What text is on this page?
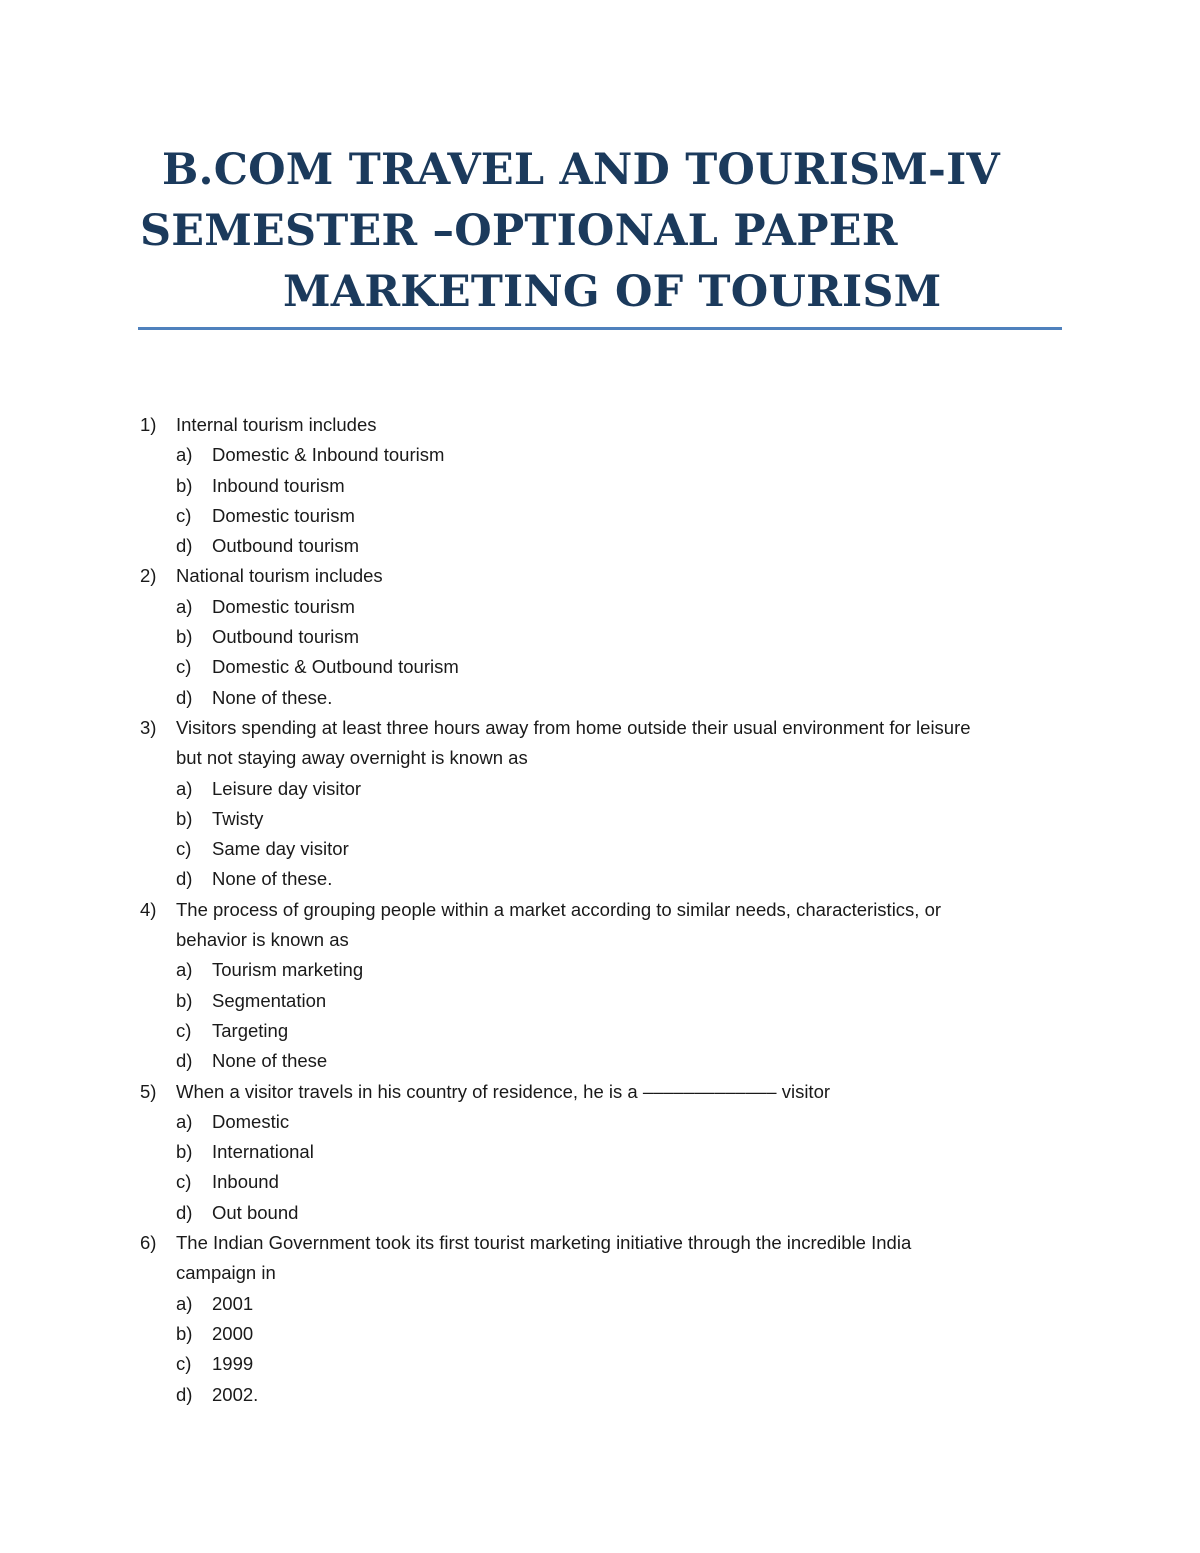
B.COM TRAVEL AND TOURISM-IV
SEMESTER –OPTIONAL PAPER
MARKETING OF TOURISM
1)	Internal tourism includes
a)	Domestic & Inbound tourism
b)	Inbound tourism
c)	Domestic tourism
d)	Outbound tourism
2)	National tourism includes
a)	Domestic tourism
b)	Outbound tourism
c)	Domestic & Outbound tourism
d)	None of these.
3)	Visitors spending at least three hours away from home outside their usual environment for leisure
but not staying away overnight is known as
a)	Leisure day visitor
b)	Twisty
c)	Same day visitor
d)	None of these.
4)	The process of grouping people within a market according to similar needs, characteristics, or
behavior is known as
a)	Tourism marketing
b)	Segmentation
c)	Targeting
d)	None of these
5)	When a visitor travels in his country of residence, he is a ––––––––––––– visitor
a)	Domestic
b)	International
c)	Inbound
d)	Out bound
6)	The Indian Government took its first tourist marketing initiative through the incredible India
campaign in
a)	2001
b)	2000
c)	1999
d)	2002.
